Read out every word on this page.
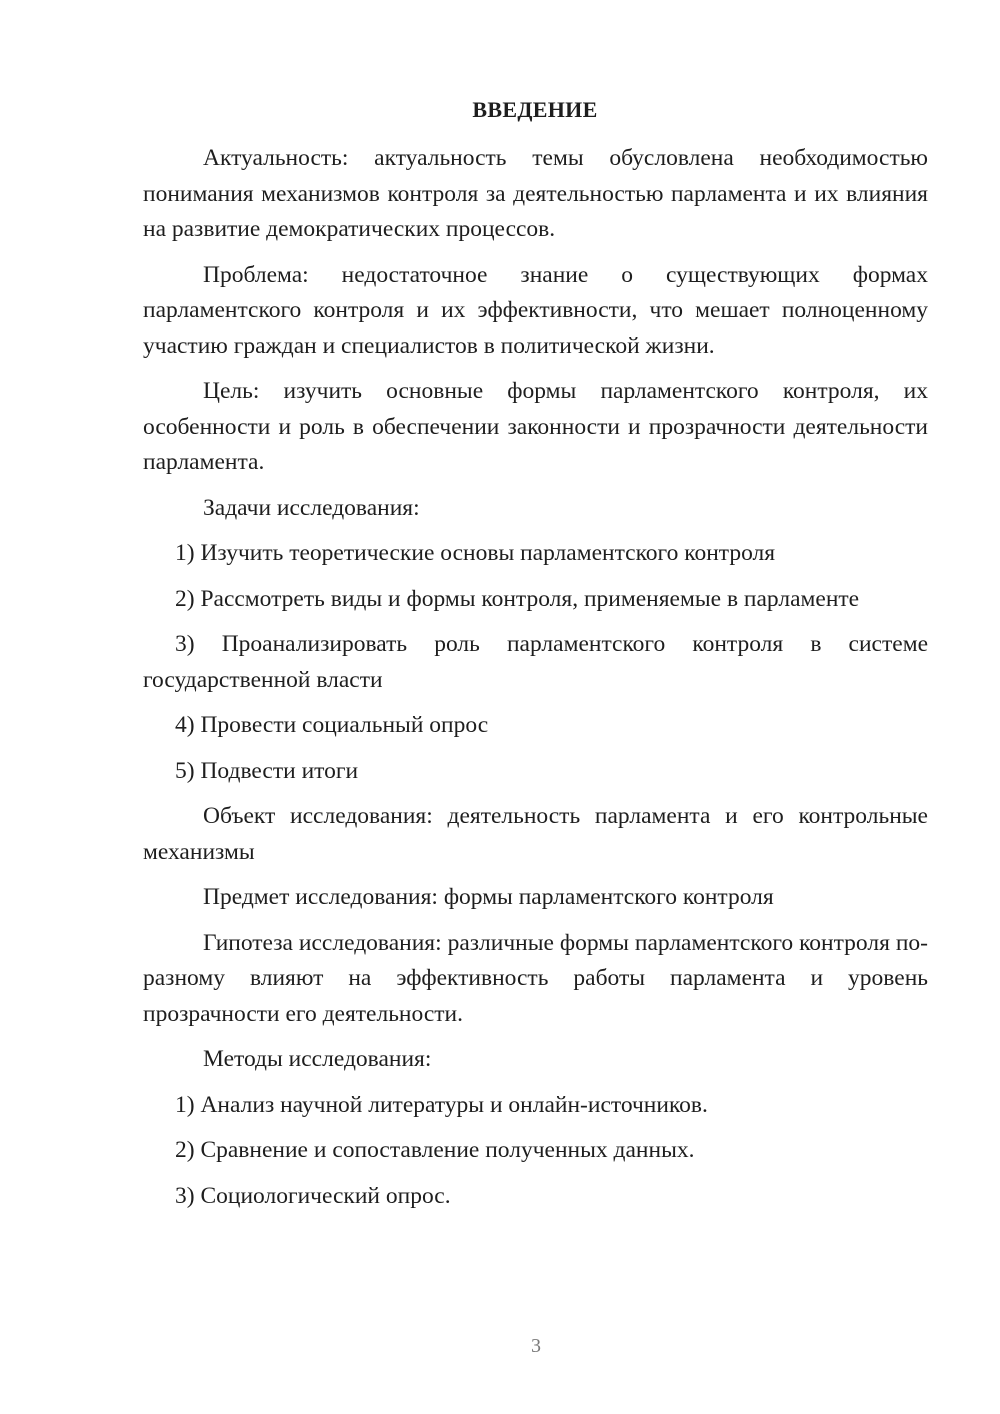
ВВЕДЕНИЕ

Актуальность: актуальность темы обусловлена необходимостью понимания механизмов контроля за деятельностью парламента и их влияния на развитие демократических процессов.

Проблема: недостаточное знание о существующих формах парламентского контроля и их эффективности, что мешает полноценному участию граждан и специалистов в политической жизни.

Цель: изучить основные формы парламентского контроля, их особенности и роль в обеспечении законности и прозрачности деятельности парламента.

Задачи исследования:

1) Изучить теоретические основы парламентского контроля

2) Рассмотреть виды и формы контроля, применяемые в парламенте

3) Проанализировать роль парламентского контроля в системе государственной власти

4) Провести социальный опрос

5) Подвести итоги

Объект исследования: деятельность парламента и его контрольные механизмы

Предмет исследования: формы парламентского контроля

Гипотеза исследования: различные формы парламентского контроля по-разному влияют на эффективность работы парламента и уровень прозрачности его деятельности.

Методы исследования:

1) Анализ научной литературы и онлайн-источников.

2) Сравнение и сопоставление полученных данных.

3) Социологический опрос.

3
